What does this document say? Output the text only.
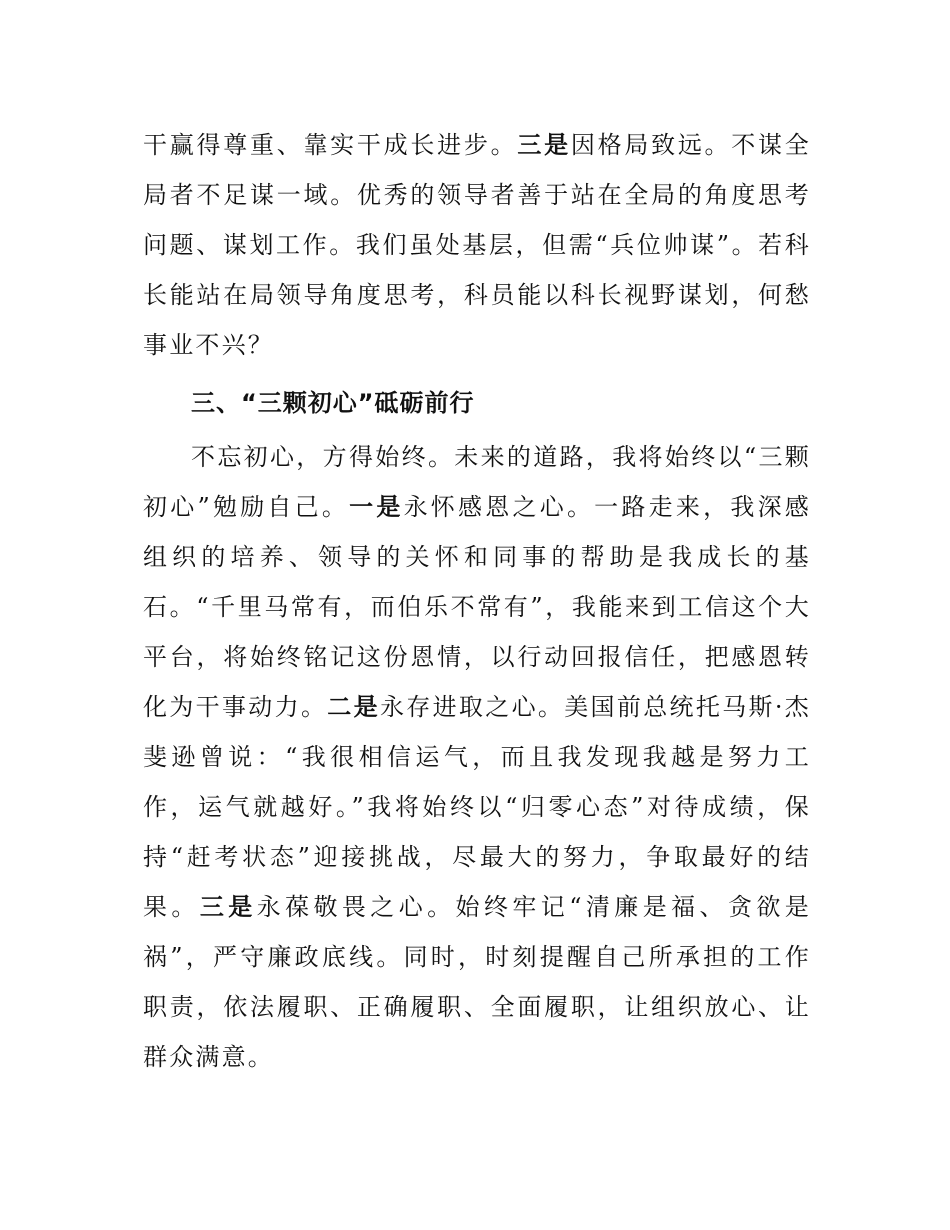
干赢得尊重、靠实干成长进步。三是因格局致远。不谋全局者不足谋一域。优秀的领导者善于站在全局的角度思考问题、谋划工作。我们虽处基层，但需“兵位帅谋”。若科长能站在局领导角度思考，科员能以科长视野谋划，何愁事业不兴？

三、“三颗初心”砥砺前行

不忘初心，方得始终。未来的道路，我将始终以“三颗初心”勉励自己。一是永怀感恩之心。一路走来，我深感组织的培养、领导的关怀和同事的帮助是我成长的基石。“千里马常有，而伯乐不常有”，我能来到工信这个大平台，将始终铭记这份恩情，以行动回报信任，把感恩转化为干事动力。二是永存进取之心。美国前总统托马斯·杰斐逊曾说：“我很相信运气，而且我发现我越是努力工作，运气就越好。”我将始终以“归零心态”对待成绩，保持“赶考状态”迎接挑战，尽最大的努力，争取最好的结果。三是永葆敬畏之心。始终牢记“清廉是福、贪欲是祸”，严守廉政底线。同时，时刻提醒自己所承担的工作职责，依法履职、正确履职、全面履职，让组织放心、让群众满意。
